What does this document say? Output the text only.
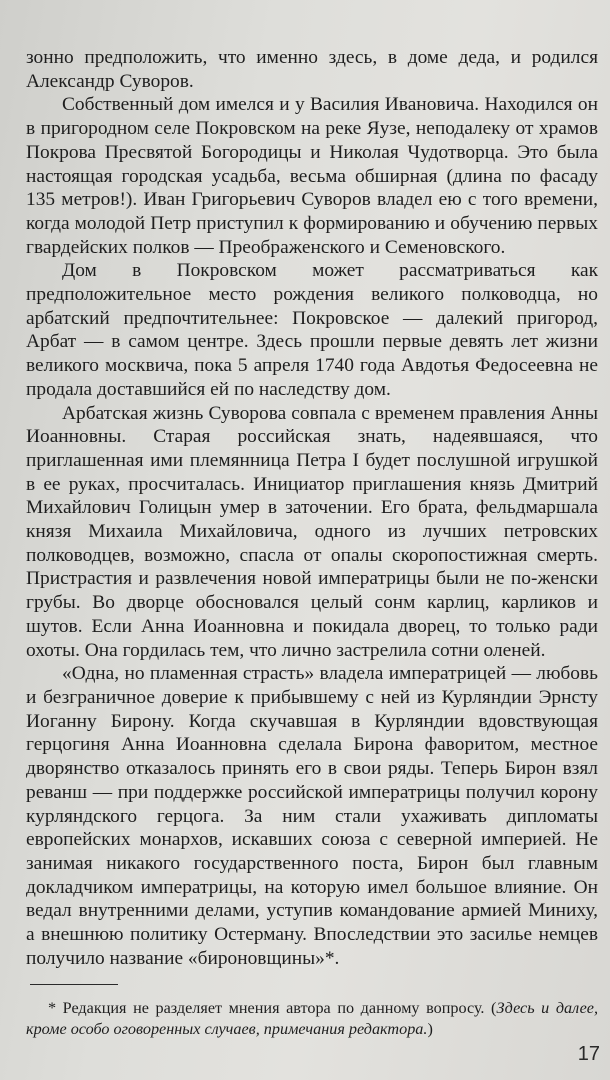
зонно предположить, что именно здесь, в доме деда, и родился Александр Суворов.

Собственный дом имелся и у Василия Ивановича. Находился он в пригородном селе Покровском на реке Яузе, неподалеку от храмов Покрова Пресвятой Богородицы и Николая Чудотворца. Это была настоящая городская усадьба, весьма обширная (длина по фасаду 135 метров!). Иван Григорьевич Суворов владел ею с того времени, когда молодой Петр приступил к формированию и обучению первых гвардейских полков — Преображенского и Семеновского.

Дом в Покровском может рассматриваться как предположительное место рождения великого полководца, но арбатский предпочтительнее: Покровское — далекий пригород, Арбат — в самом центре. Здесь прошли первые девять лет жизни великого москвича, пока 5 апреля 1740 года Авдотья Федосеевна не продала доставшийся ей по наследству дом.

Арбатская жизнь Суворова совпала с временем правления Анны Иоанновны. Старая российская знать, надеявшаяся, что приглашенная ими племянница Петра I будет послушной игрушкой в ее руках, просчиталась. Инициатор приглашения князь Дмитрий Михайлович Голицын умер в заточении. Его брата, фельдмаршала князя Михаила Михайловича, одного из лучших петровских полководцев, возможно, спасла от опалы скоропостижная смерть. Пристрастия и развлечения новой императрицы были не по-женски грубы. Во дворце обосновался целый сонм карлиц, карликов и шутов. Если Анна Иоанновна и покидала дворец, то только ради охоты. Она гордилась тем, что лично застрелила сотни оленей.

«Одна, но пламенная страсть» владела императрицей — любовь и безграничное доверие к прибывшему с ней из Курляндии Эрнсту Иоганну Бирону. Когда скучавшая в Курляндии вдовствующая герцогиня Анна Иоанновна сделала Бирона фаворитом, местное дворянство отказалось принять его в свои ряды. Теперь Бирон взял реванш — при поддержке российской императрицы получил корону курляндского герцога. За ним стали ухаживать дипломаты европейских монархов, искавших союза с северной империей. Не занимая никакого государственного поста, Бирон был главным докладчиком императрицы, на которую имел большое влияние. Он ведал внутренними делами, уступив командование армией Миниху, а внешнюю политику Остерману. Впоследствии это засилье немцев получило название «бироновщины»*.

* Редакция не разделяет мнения автора по данному вопросу. (Здесь и далее, кроме особо оговоренных случаев, примечания редактора.)
17
